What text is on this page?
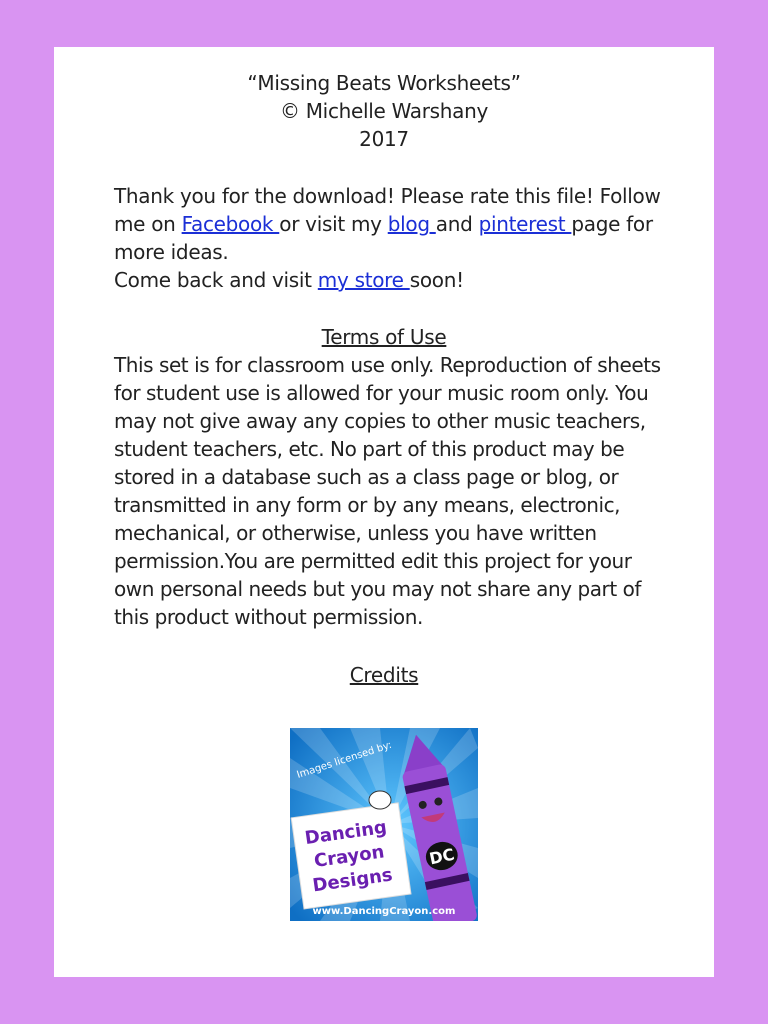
“Missing Beats Worksheets”
© Michelle Warshany
2017
Thank you for the download! Please rate this file! Follow me on Facebook or visit my blog and pinterest page for more ideas.
Come back and visit my store soon!
Terms of Use
This set is for classroom use only. Reproduction of sheets for student use is allowed for your music room only. You may not give away any copies to other music teachers, student teachers, etc. No part of this product may be stored in a database such as a class page or blog, or transmitted in any form or by any means, electronic, mechanical, or otherwise, unless you have written permission.You are permitted edit this project for your own personal needs but you may not share any part of this product without permission.
Credits
DC
Images licensed by:
Dancing
Crayon
Designs
www.DancingCrayon.com
